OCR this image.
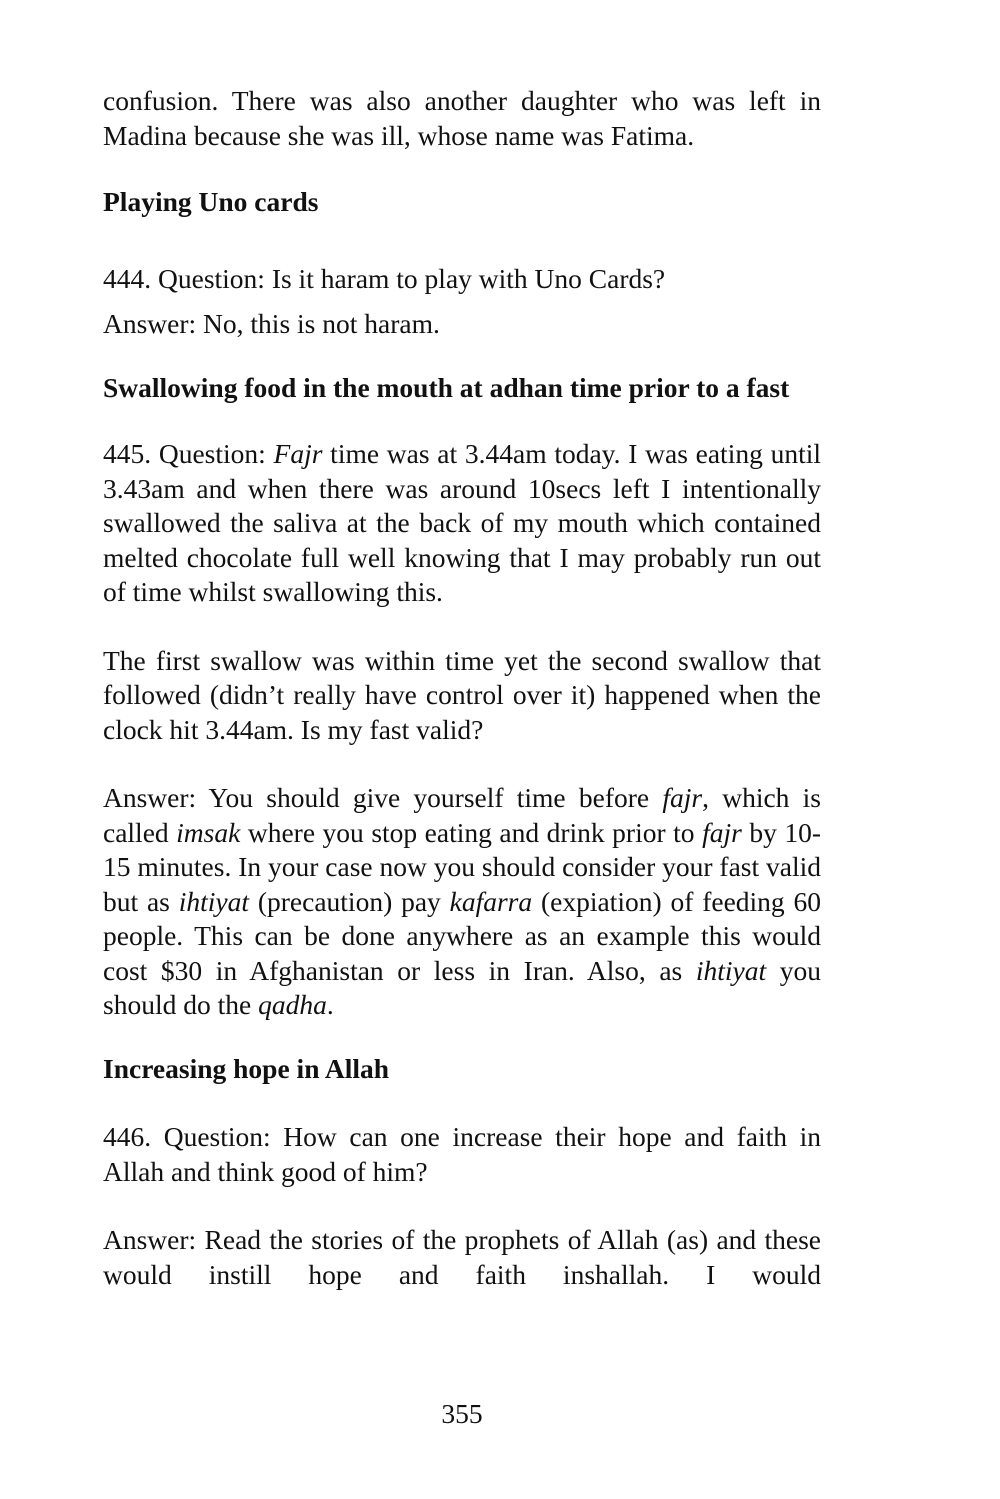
confusion. There was also another daughter who was left in Madina because she was ill, whose name was Fatima.

Playing Uno cards

444. Question: Is it haram to play with Uno Cards?

Answer: No, this is not haram.

Swallowing food in the mouth at adhan time prior to a fast

445. Question: Fajr time was at 3.44am today. I was eating until 3.43am and when there was around 10secs left I intentionally swallowed the saliva at the back of my mouth which contained melted chocolate full well knowing that I may probably run out of time whilst swallowing this.

The first swallow was within time yet the second swallow that followed (didn’t really have control over it) happened when the clock hit 3.44am. Is my fast valid?

Answer: You should give yourself time before fajr, which is called imsak where you stop eating and drink prior to fajr by 10-15 minutes. In your case now you should consider your fast valid but as ihtiyat (precaution) pay kafarra (expiation) of feeding 60 people. This can be done anywhere as an example this would cost $30 in Afghanistan or less in Iran. Also, as ihtiyat you should do the qadha.

Increasing hope in Allah

446. Question: How can one increase their hope and faith in Allah and think good of him?

Answer: Read the stories of the prophets of Allah (as) and these would instill hope and faith inshallah. I would

355
